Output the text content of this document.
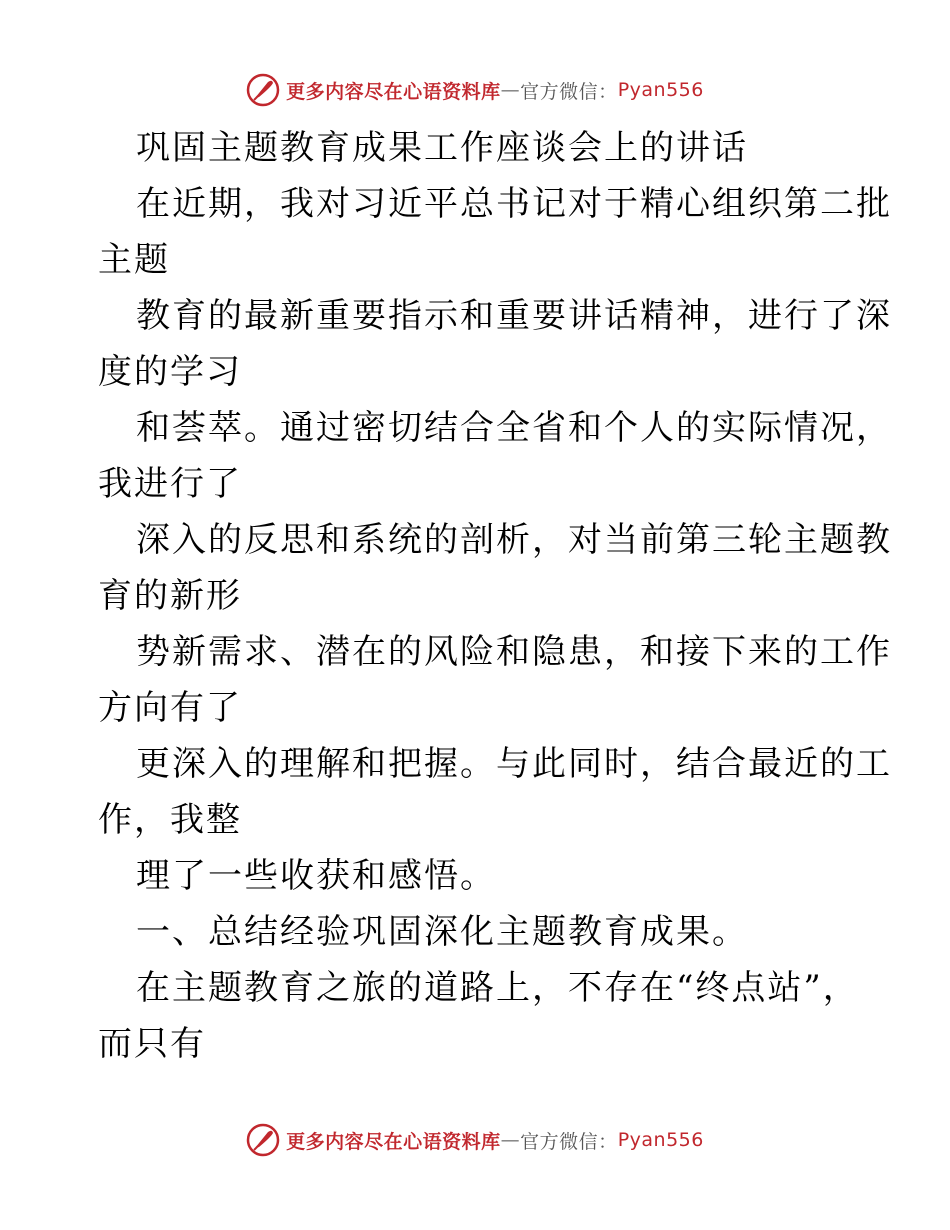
更多内容尽在心语资料库 — 官方微信： Pyan556
巩固主题教育成果工作座谈会上的讲话
在近期，我对习近平总书记对于精心组织第二批
主题
教育的最新重要指示和重要讲话精神，进行了深
度的学习
和荟萃。通过密切结合全省和个人的实际情况，
我进行了
深入的反思和系统的剖析，对当前第三轮主题教
育的新形
势新需求、潜在的风险和隐患，和接下来的工作
方向有了
更深入的理解和把握。与此同时，结合最近的工
作，我整
理了一些收获和感悟。
一、总结经验巩固深化主题教育成果。
在主题教育之旅的道路上，不存在“终点站”，
而只有
更多内容尽在心语资料库 — 官方微信： Pyan556
